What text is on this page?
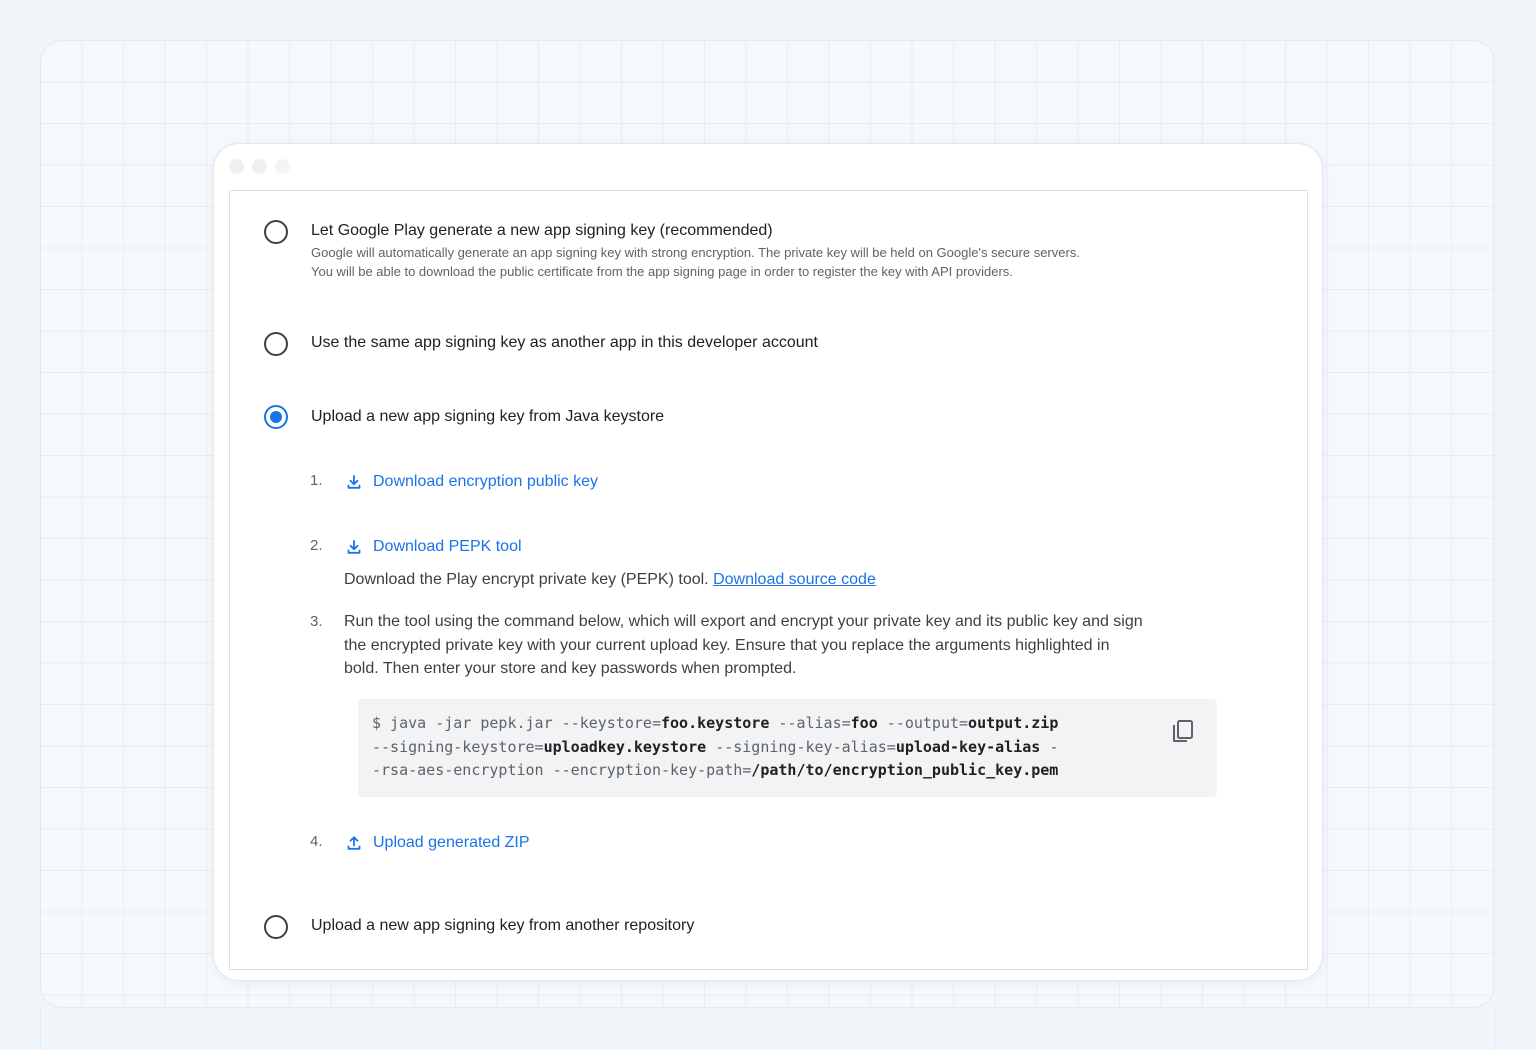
Let Google Play generate a new app signing key (recommended)
Google will automatically generate an app signing key with strong encryption. The private key will be held on Google's secure servers.
You will be able to download the public certificate from the app signing page in order to register the key with API providers.
Use the same app signing key as another app in this developer account
Upload a new app signing key from Java keystore
1.	Download encryption public key
2.	Download PEPK tool
Download the Play encrypt private key (PEPK) tool. Download source code
3. Run the tool using the command below, which will export and encrypt your private key and its public key and sign
the encrypted private key with your current upload key. Ensure that you replace the arguments highlighted in
bold. Then enter your store and key passwords when prompted.
$ java -jar pepk.jar --keystore=foo.keystore --alias=foo --output=output.zip
--signing-keystore=uploadkey.keystore --signing-key-alias=upload-key-alias -
-rsa-aes-encryption --encryption-key-path=/path/to/encryption_public_key.pem
4.	Upload generated ZIP
Upload a new app signing key from another repository
